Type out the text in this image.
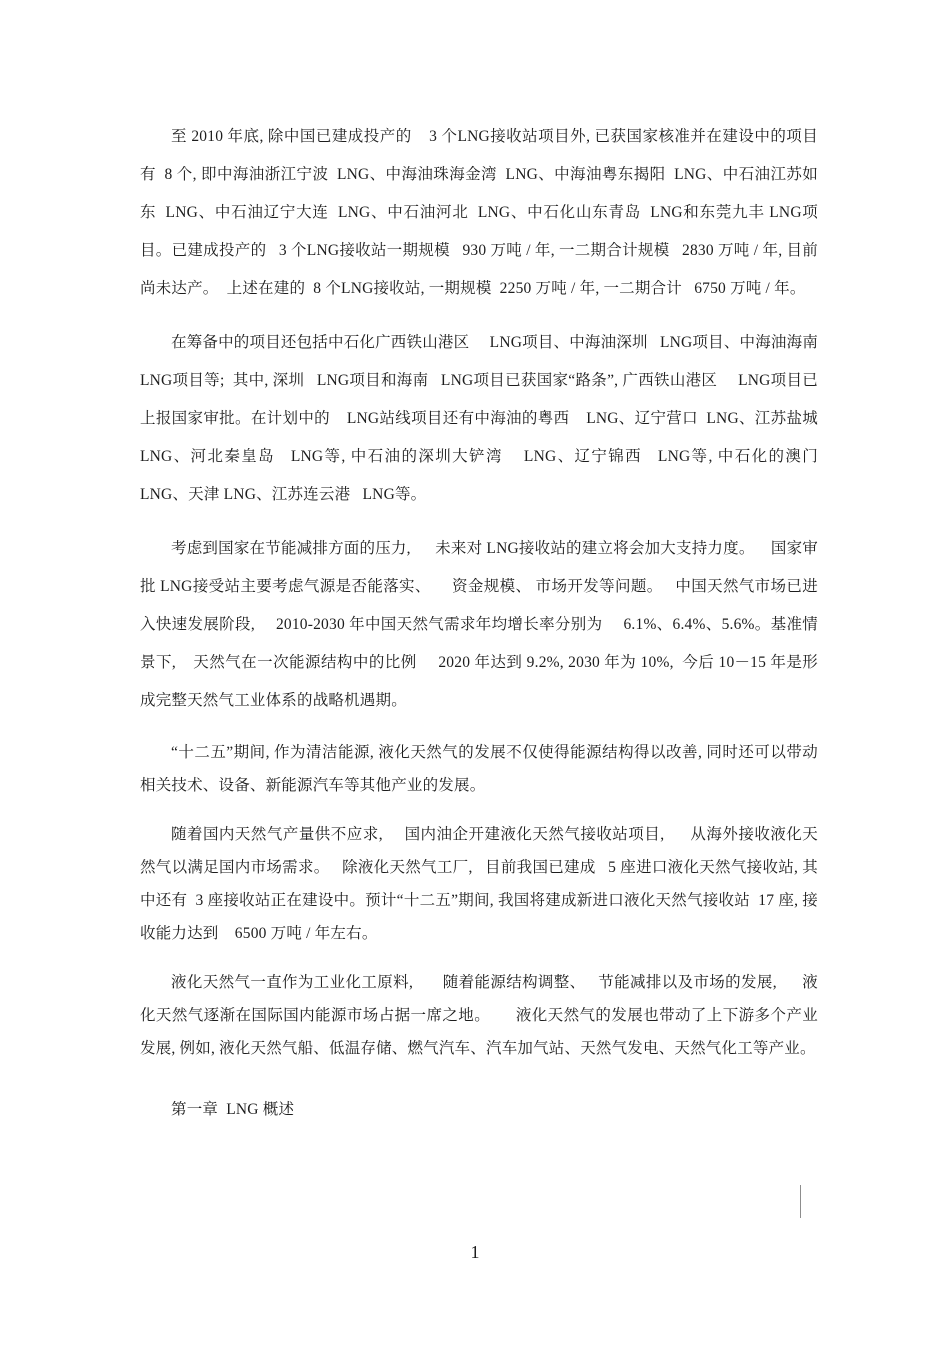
至 2010 年底, 除中国已建成投产的    3 个LNG接收站项目外, 已获国家核准并在建设中的项目有  8 个, 即中海油浙江宁波  LNG、中海油珠海金湾  LNG、中海油粤东揭阳  LNG、中石油江苏如东  LNG、中石油辽宁大连  LNG、中石油河北  LNG、中石化山东青岛  LNG和东莞九丰 LNG项目。已建成投产的   3 个LNG接收站一期规模   930 万吨 / 年, 一二期合计规模   2830 万吨 / 年, 目前尚未达产。  上述在建的  8 个LNG接收站, 一期规模  2250 万吨 / 年, 一二期合计   6750 万吨 / 年。

在筹备中的项目还包括中石化广西铁山港区     LNG项目、中海油深圳   LNG项目、中海油海南 LNG项目等;  其中, 深圳   LNG项目和海南   LNG项目已获国家“路条”, 广西铁山港区     LNG项目已上报国家审批。在计划中的    LNG站线项目还有中海油的粤西    LNG、辽宁营口  LNG、江苏盐城  LNG、河北秦皇岛   LNG等, 中石油的深圳大铲湾    LNG、辽宁锦西   LNG等, 中石化的澳门 LNG、天津 LNG、江苏连云港   LNG等。

考虑到国家在节能减排方面的压力,      未来对 LNG接收站的建立将会加大支持力度。    国家审批 LNG接受站主要考虑气源是否能落实、     资金规模、 市场开发等问题。   中国天然气市场已进入快速发展阶段,     2010-2030 年中国天然气需求年均增长率分别为     6.1%、6.4%、5.6%。基准情景下,    天然气在一次能源结构中的比例     2020 年达到 9.2%, 2030 年为 10%,  今后 10－15 年是形成完整天然气工业体系的战略机遇期。

“十二五”期间, 作为清洁能源, 液化天然气的发展不仅使得能源结构得以改善, 同时还可以带动相关技术、设备、新能源汽车等其他产业的发展。

随着国内天然气产量供不应求,     国内油企开建液化天然气接收站项目,      从海外接收液化天然气以满足国内市场需求。   除液化天然气工厂,   目前我国已建成   5 座进口液化天然气接收站, 其中还有  3 座接收站正在建设中。预计“十二五”期间, 我国将建成新进口液化天然气接收站  17 座, 接收能力达到    6500 万吨 / 年左右。

液化天然气一直作为工业化工原料,       随着能源结构调整、   节能减排以及市场的发展,      液化天然气逐渐在国际国内能源市场占据一席之地。      液化天然气的发展也带动了上下游多个产业发展, 例如, 液化天然气船、低温存储、燃气汽车、汽车加气站、天然气发电、天然气化工等产业。

第一章  LNG 概述

1
